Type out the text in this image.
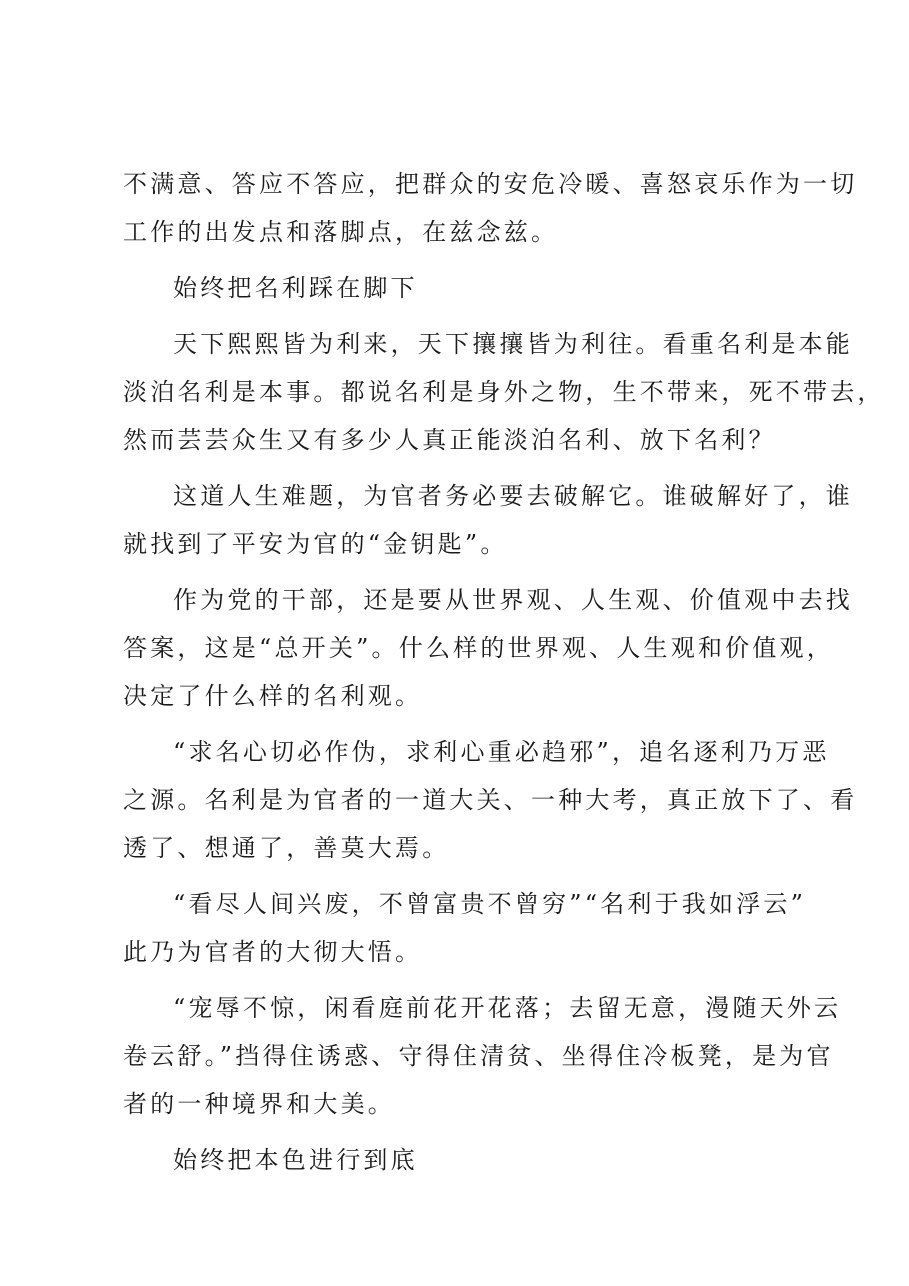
不满意、答应不答应，把群众的安危冷暖、喜怒哀乐作为一切
工作的出发点和落脚点，在兹念兹。

始终把名利踩在脚下

天下熙熙皆为利来，天下攘攘皆为利往。看重名利是本能
淡泊名利是本事。都说名利是身外之物，生不带来，死不带去，
然而芸芸众生又有多少人真正能淡泊名利、放下名利？

这道人生难题，为官者务必要去破解它。谁破解好了，谁
就找到了平安为官的“金钥匙”。

作为党的干部，还是要从世界观、人生观、价值观中去找
答案，这是“总开关”。什么样的世界观、人生观和价值观，
决定了什么样的名利观。

“求名心切必作伪，求利心重必趋邪”，追名逐利乃万恶
之源。名利是为官者的一道大关、一种大考，真正放下了、看
透了、想通了，善莫大焉。

“看尽人间兴废，不曾富贵不曾穷”“名利于我如浮云”
此乃为官者的大彻大悟。

“宠辱不惊，闲看庭前花开花落；去留无意，漫随天外云
卷云舒。”挡得住诱惑、守得住清贫、坐得住冷板凳，是为官
者的一种境界和大美。

始终把本色进行到底
